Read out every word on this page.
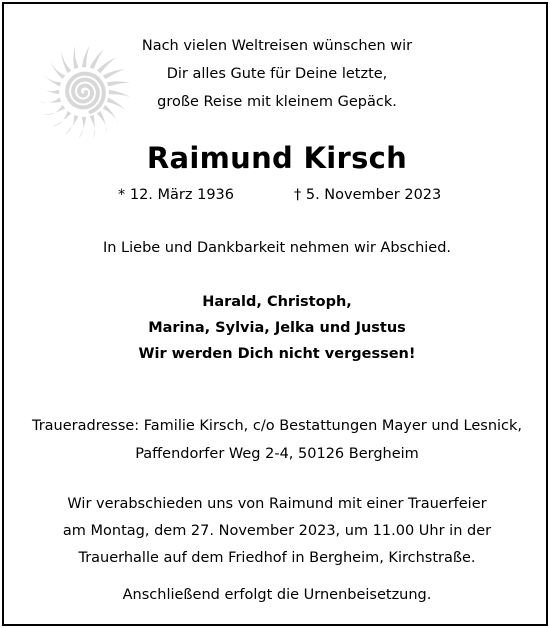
Nach vielen Weltreisen wünschen wir
Dir alles Gute für Deine letzte,
große Reise mit kleinem Gepäck.
Raimund Kirsch
* 12. März 1936	† 5. November 2023
In Liebe und Dankbarkeit nehmen wir Abschied.
Harald, Christoph,
Marina, Sylvia, Jelka und Justus
Wir werden Dich nicht vergessen!
Traueradresse: Familie Kirsch, c/o Bestattungen Mayer und Lesnick,
Paffendorfer Weg 2-4, 50126 Bergheim
Wir verabschieden uns von Raimund mit einer Trauerfeier
am Montag, dem 27. November 2023, um 11.00 Uhr in der
Trauerhalle auf dem Friedhof in Bergheim, Kirchstraße.
Anschließend erfolgt die Urnenbeisetzung.
